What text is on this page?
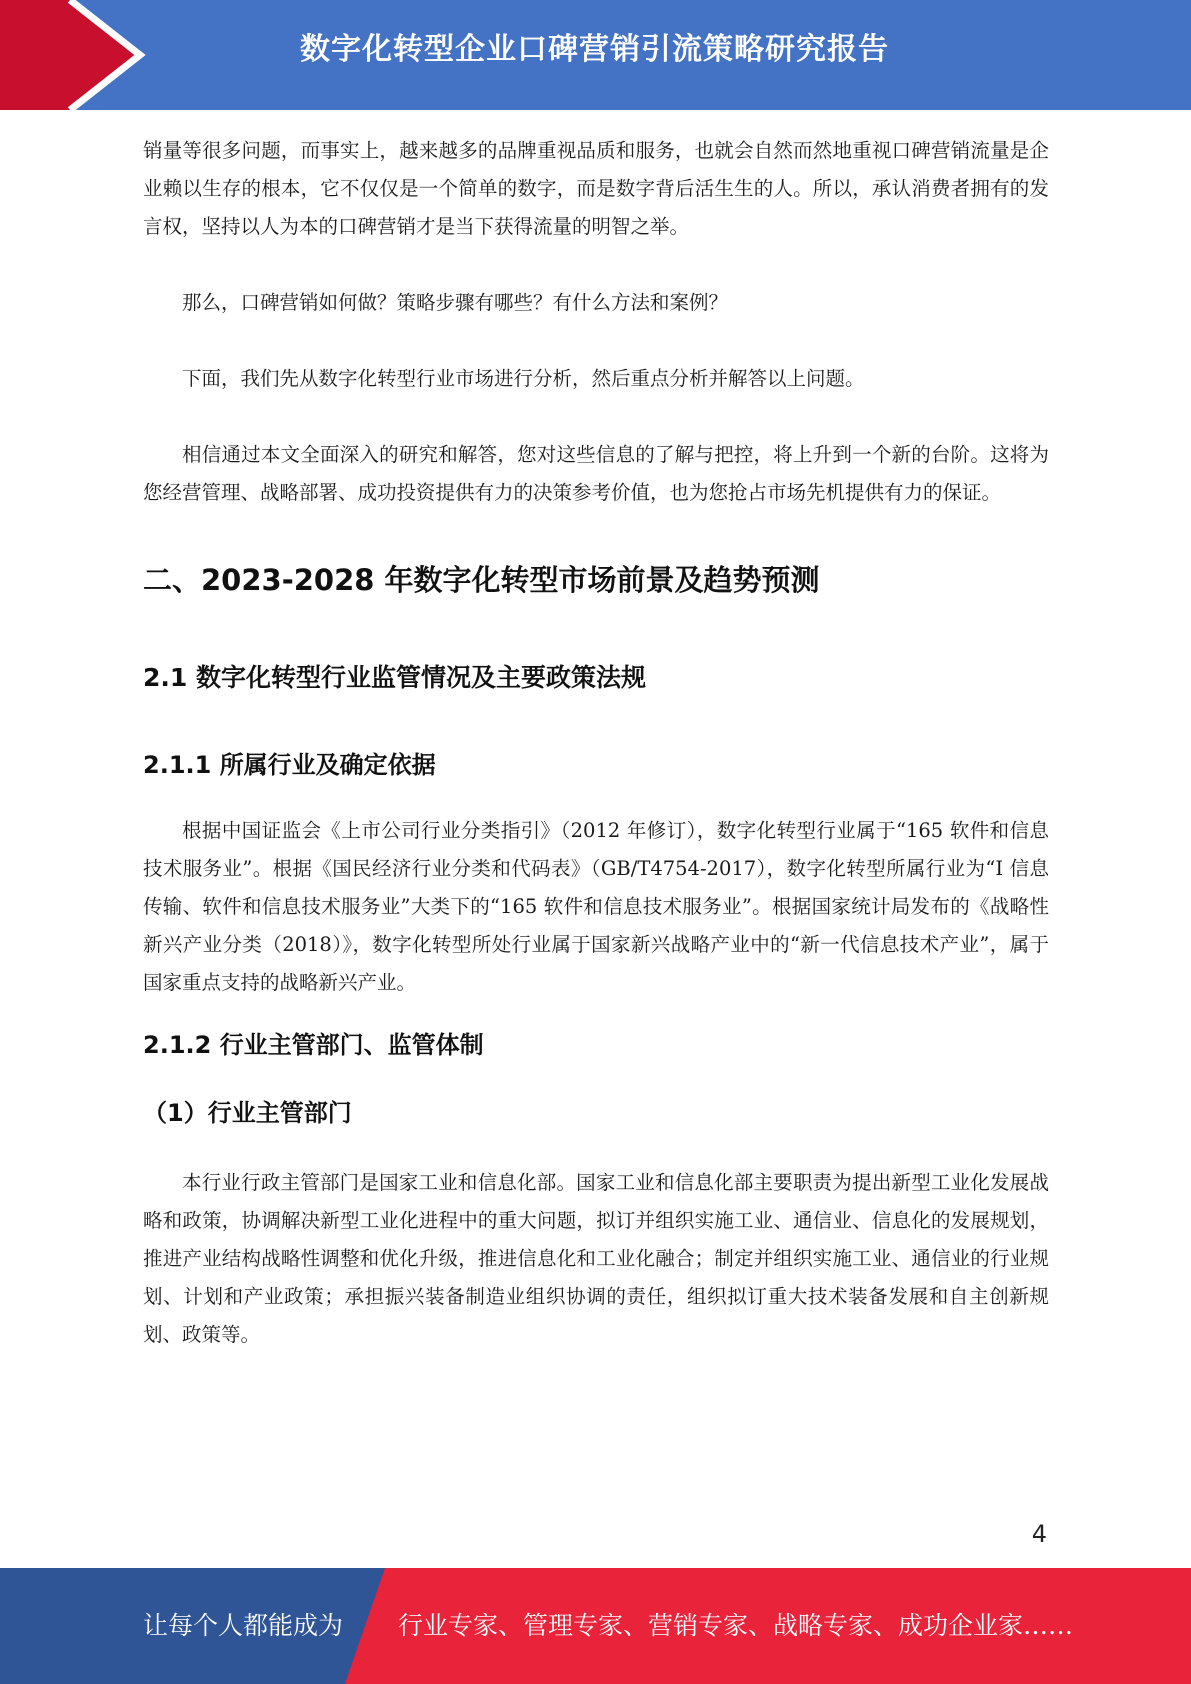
数字化转型企业口碑营销引流策略研究报告

销量等很多问题，而事实上，越来越多的品牌重视品质和服务，也就会自然而然地重视口碑营销流量是企业赖以生存的根本，它不仅仅是一个简单的数字，而是数字背后活生生的人。所以，承认消费者拥有的发言权，坚持以人为本的口碑营销才是当下获得流量的明智之举。

那么，口碑营销如何做？策略步骤有哪些？有什么方法和案例？

下面，我们先从数字化转型行业市场进行分析，然后重点分析并解答以上问题。

相信通过本文全面深入的研究和解答，您对这些信息的了解与把控，将上升到一个新的台阶。这将为您经营管理、战略部署、成功投资提供有力的决策参考价值，也为您抢占市场先机提供有力的保证。

二、2023-2028 年数字化转型市场前景及趋势预测
2.1 数字化转型行业监管情况及主要政策法规
2.1.1 所属行业及确定依据

根据中国证监会《上市公司行业分类指引》（2012 年修订），数字化转型行业属于“165 软件和信息技术服务业”。根据《国民经济行业分类和代码表》（GB/T4754-2017），数字化转型所属行业为“I 信息传输、软件和信息技术服务业”大类下的“165 软件和信息技术服务业”。根据国家统计局发布的《战略性新兴产业分类（2018）》，数字化转型所处行业属于国家新兴战略产业中的“新一代信息技术产业”，属于国家重点支持的战略新兴产业。

2.1.2 行业主管部门、监管体制
（1）行业主管部门

本行业行政主管部门是国家工业和信息化部。国家工业和信息化部主要职责为提出新型工业化发展战略和政策，协调解决新型工业化进程中的重大问题，拟订并组织实施工业、通信业、信息化的发展规划，推进产业结构战略性调整和优化升级，推进信息化和工业化融合；制定并组织实施工业、通信业的行业规划、计划和产业政策；承担振兴装备制造业组织协调的责任，组织拟订重大技术装备发展和自主创新规划、政策等。

4
让每个人都能成为 行业专家、管理专家、营销专家、战略专家、成功企业家……
